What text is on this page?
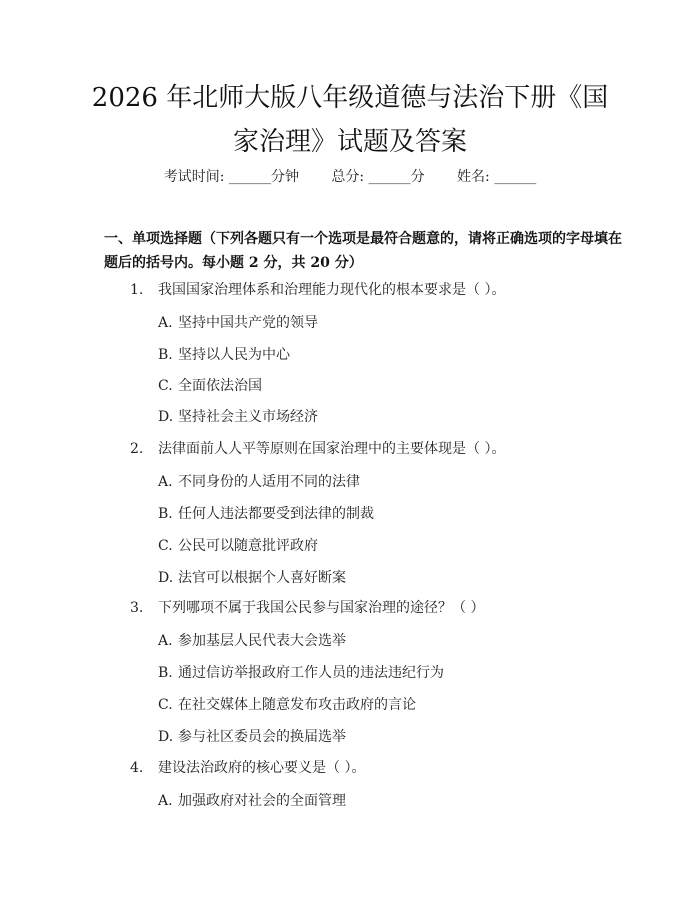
2026 年北师大版八年级道德与法治下册《国
家治理》试题及答案
考试时间: ______分钟 总分: ______分 姓名: ______

一、单项选择题（下列各题只有一个选项是最符合题意的，请将正确选项的字母填在题后的括号内。每小题 2 分，共 20 分）

1. 我国国家治理体系和治理能力现代化的根本要求是（ ）。
A. 坚持中国共产党的领导
B. 坚持以人民为中心
C. 全面依法治国
D. 坚持社会主义市场经济
2. 法律面前人人平等原则在国家治理中的主要体现是（ ）。
A. 不同身份的人适用不同的法律
B. 任何人违法都要受到法律的制裁
C. 公民可以随意批评政府
D. 法官可以根据个人喜好断案
3. 下列哪项不属于我国公民参与国家治理的途径？（ ）
A. 参加基层人民代表大会选举
B. 通过信访举报政府工作人员的违法违纪行为
C. 在社交媒体上随意发布攻击政府的言论
D. 参与社区委员会的换届选举
4. 建设法治政府的核心要义是（ ）。
A. 加强政府对社会的全面管理
